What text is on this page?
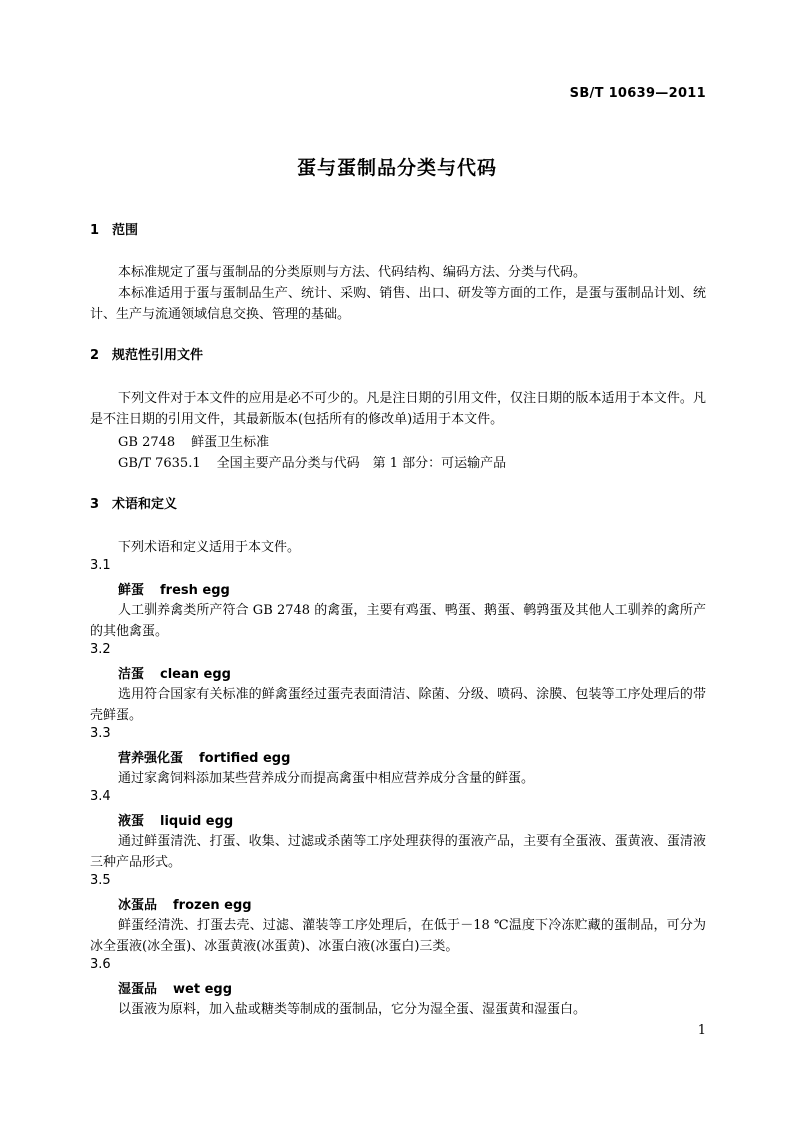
SB/T 10639—2011
蛋与蛋制品分类与代码
1 范围
本标准规定了蛋与蛋制品的分类原则与方法、代码结构、编码方法、分类与代码。
本标准适用于蛋与蛋制品生产、统计、采购、销售、出口、研发等方面的工作，是蛋与蛋制品计划、统计、生产与流通领域信息交换、管理的基础。
2 规范性引用文件
下列文件对于本文件的应用是必不可少的。凡是注日期的引用文件，仅注日期的版本适用于本文件。凡是不注日期的引用文件，其最新版本(包括所有的修改单)适用于本文件。
GB 2748 鲜蛋卫生标准
GB/T 7635.1 全国主要产品分类与代码　第 1 部分：可运输产品
3 术语和定义
下列术语和定义适用于本文件。
3.1
鲜蛋 fresh egg
人工驯养禽类所产符合 GB 2748 的禽蛋，主要有鸡蛋、鸭蛋、鹅蛋、鹌鹑蛋及其他人工驯养的禽所产的其他禽蛋。
3.2
洁蛋 clean egg
选用符合国家有关标准的鲜禽蛋经过蛋壳表面清洁、除菌、分级、喷码、涂膜、包装等工序处理后的带壳鲜蛋。
3.3
营养强化蛋 fortified egg
通过家禽饲料添加某些营养成分而提高禽蛋中相应营养成分含量的鲜蛋。
3.4
液蛋 liquid egg
通过鲜蛋清洗、打蛋、收集、过滤或杀菌等工序处理获得的蛋液产品，主要有全蛋液、蛋黄液、蛋清液三种产品形式。
3.5
冰蛋品 frozen egg
鲜蛋经清洗、打蛋去壳、过滤、灌装等工序处理后，在低于－18 ℃温度下冷冻贮藏的蛋制品，可分为冰全蛋液(冰全蛋)、冰蛋黄液(冰蛋黄)、冰蛋白液(冰蛋白)三类。
3.6
湿蛋品 wet egg
以蛋液为原料，加入盐或糖类等制成的蛋制品，它分为湿全蛋、湿蛋黄和湿蛋白。
1
